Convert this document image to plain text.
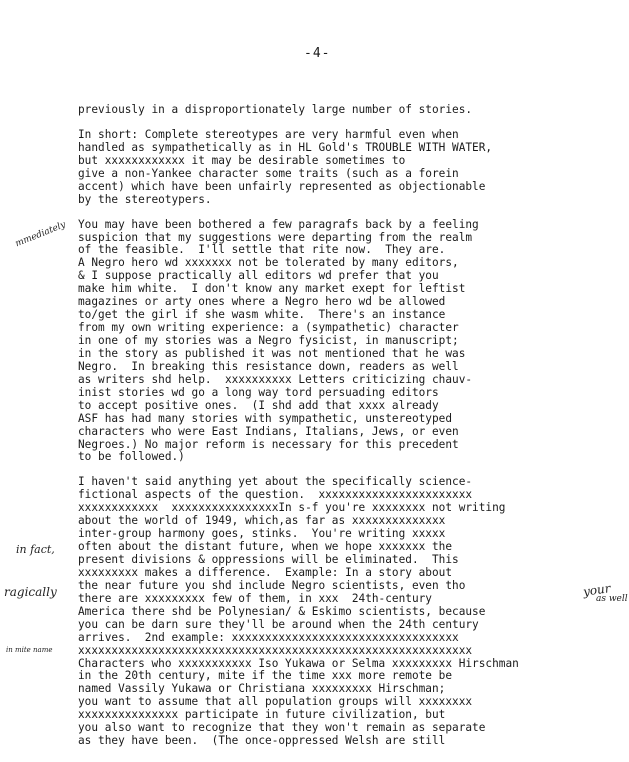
-4-
previously in a disproportionately large number of stories.
In short: Complete stereotypes are very harmful even when
handled as sympathetically as in HL Gold's TROUBLE WITH WATER,
but xxxxxxxxxxxx it may be desirable sometimes to
give a non-Yankee character some traits (such as a forein
accent) which have been unfairly represented as objectionable
by the stereotypers.
You may have been bothered a few paragrafs back by a feeling
suspicion that my suggestions were departing from the realm
of the feasible.  I'll settle that rite now.  They are.
A Negro hero wd xxxxxxx not be tolerated by many editors,
& I suppose practically all editors wd prefer that you
make him white.  I don't know any market exept for leftist
magazines or arty ones where a Negro hero wd be allowed
to/get the girl if she wasm white.  There's an instance
from my own writing experience: a (sympathetic) character
in one of my stories was a Negro fysicist, in manuscript;
in the story as published it was not mentioned that he was
Negro.  In breaking this resistance down, readers as well
as writers shd help.  xxxxxxxxxx Letters criticizing chauv-
inist stories wd go a long way tord persuading editors
to accept positive ones.  (I shd add that xxxx already
ASF has had many stories with sympathetic, unstereotyped
characters who were East Indians, Italians, Jews, or even
Negroes.) No major reform is necessary for this precedent
to be followed.)
I haven't said anything yet about the specifically science-
fictional aspects of the question.  xxxxxxxxxxxxxxxxxxxxxxx
xxxxxxxxxxxx  xxxxxxxxxxxxxxxxIn s-f you're xxxxxxxx not writing
about the world of 1949, which,as far as xxxxxxxxxxxxxx
inter-group harmony goes, stinks.  You're writing xxxxx
often about the distant future, when we hope xxxxxxx the
present divisions & oppressions will be eliminated.  This
xxxxxxxxx makes a difference.  Example: In a story about
the near future you shd include Negro scientists, even tho
there are xxxxxxxxx few of them, in xxx  24th-century
America there shd be Polynesian/ & Eskimo scientists, because
you can be darn sure they'll be around when the 24th century
arrives.  2nd example: xxxxxxxxxxxxxxxxxxxxxxxxxxxxxxxxxx
xxxxxxxxxxxxxxxxxxxxxxxxxxxxxxxxxxxxxxxxxxxxxxxxxxxxxxxxxxx
Characters who xxxxxxxxxxx Iso Yukawa or Selma xxxxxxxxx Hirschman
in the 20th century, mite if the time xxx more remote be
named Vassily Yukawa or Christiana xxxxxxxxx Hirschman;
you want to assume that all population groups will xxxxxxxx
xxxxxxxxxxxxxxx participate in future civilization, but
you also want to recognize that they won't remain as separate
as they have been.  (The once-oppressed Welsh are still
mmediately
in fact,
ragically	your
as well
in mite name
